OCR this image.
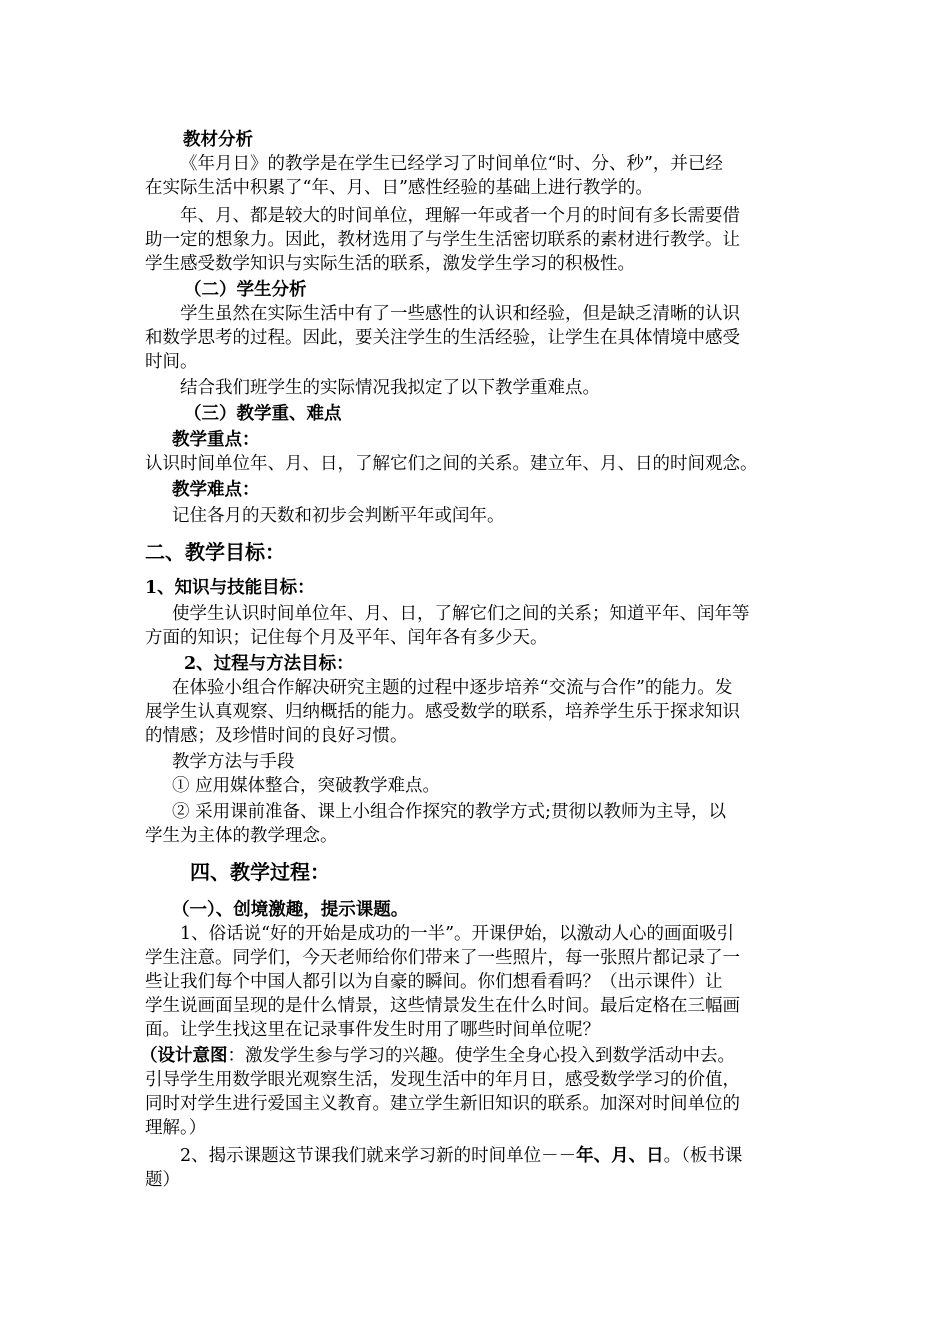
教材分析
《年月日》的教学是在学生已经学习了时间单位“时、分、秒”，并已经
在实际生活中积累了“年、月、日”感性经验的基础上进行教学的。
年、月、都是较大的时间单位，理解一年或者一个月的时间有多长需要借
助一定的想象力。因此，教材选用了与学生生活密切联系的素材进行教学。让
学生感受数学知识与实际生活的联系，激发学生学习的积极性。
（二）学生分析
学生虽然在实际生活中有了一些感性的认识和经验，但是缺乏清晰的认识
和数学思考的过程。因此，要关注学生的生活经验，让学生在具体情境中感受
时间。
结合我们班学生的实际情况我拟定了以下教学重难点。
（三）教学重、难点
教学重点：
认识时间单位年、月、日，了解它们之间的关系。建立年、月、日的时间观念。
教学难点：
记住各月的天数和初步会判断平年或闰年。
二、教学目标：
1、知识与技能目标：
使学生认识时间单位年、月、日，了解它们之间的关系；知道平年、闰年等
方面的知识；记住每个月及平年、闰年各有多少天。
2、过程与方法目标：
在体验小组合作解决研究主题的过程中逐步培养“交流与合作”的能力。发
展学生认真观察、归纳概括的能力。感受数学的联系，培养学生乐于探求知识
的情感；及珍惜时间的良好习惯。
教学方法与手段
① 应用媒体整合，突破教学难点。
② 采用课前准备、课上小组合作探究的教学方式;贯彻以教师为主导，以
学生为主体的教学理念。
四、教学过程：
（一）、创境激趣，提示课题。
1、俗话说“好的开始是成功的一半”。开课伊始，以激动人心的画面吸引
学生注意。同学们，今天老师给你们带来了一些照片，每一张照片都记录了一
些让我们每个中国人都引以为自豪的瞬间。你们想看看吗？（出示课件）让
学生说画面呈现的是什么情景，这些情景发生在什么时间。最后定格在三幅画
面。让学生找这里在记录事件发生时用了哪些时间单位呢？
（设计意图：激发学生参与学习的兴趣。使学生全身心投入到数学活动中去。
引导学生用数学眼光观察生活，发现生活中的年月日，感受数学学习的价值，
同时对学生进行爱国主义教育。建立学生新旧知识的联系。加深对时间单位的
理解。）
2、揭示课题这节课我们就来学习新的时间单位－－年、月、日。（板书课
题）
